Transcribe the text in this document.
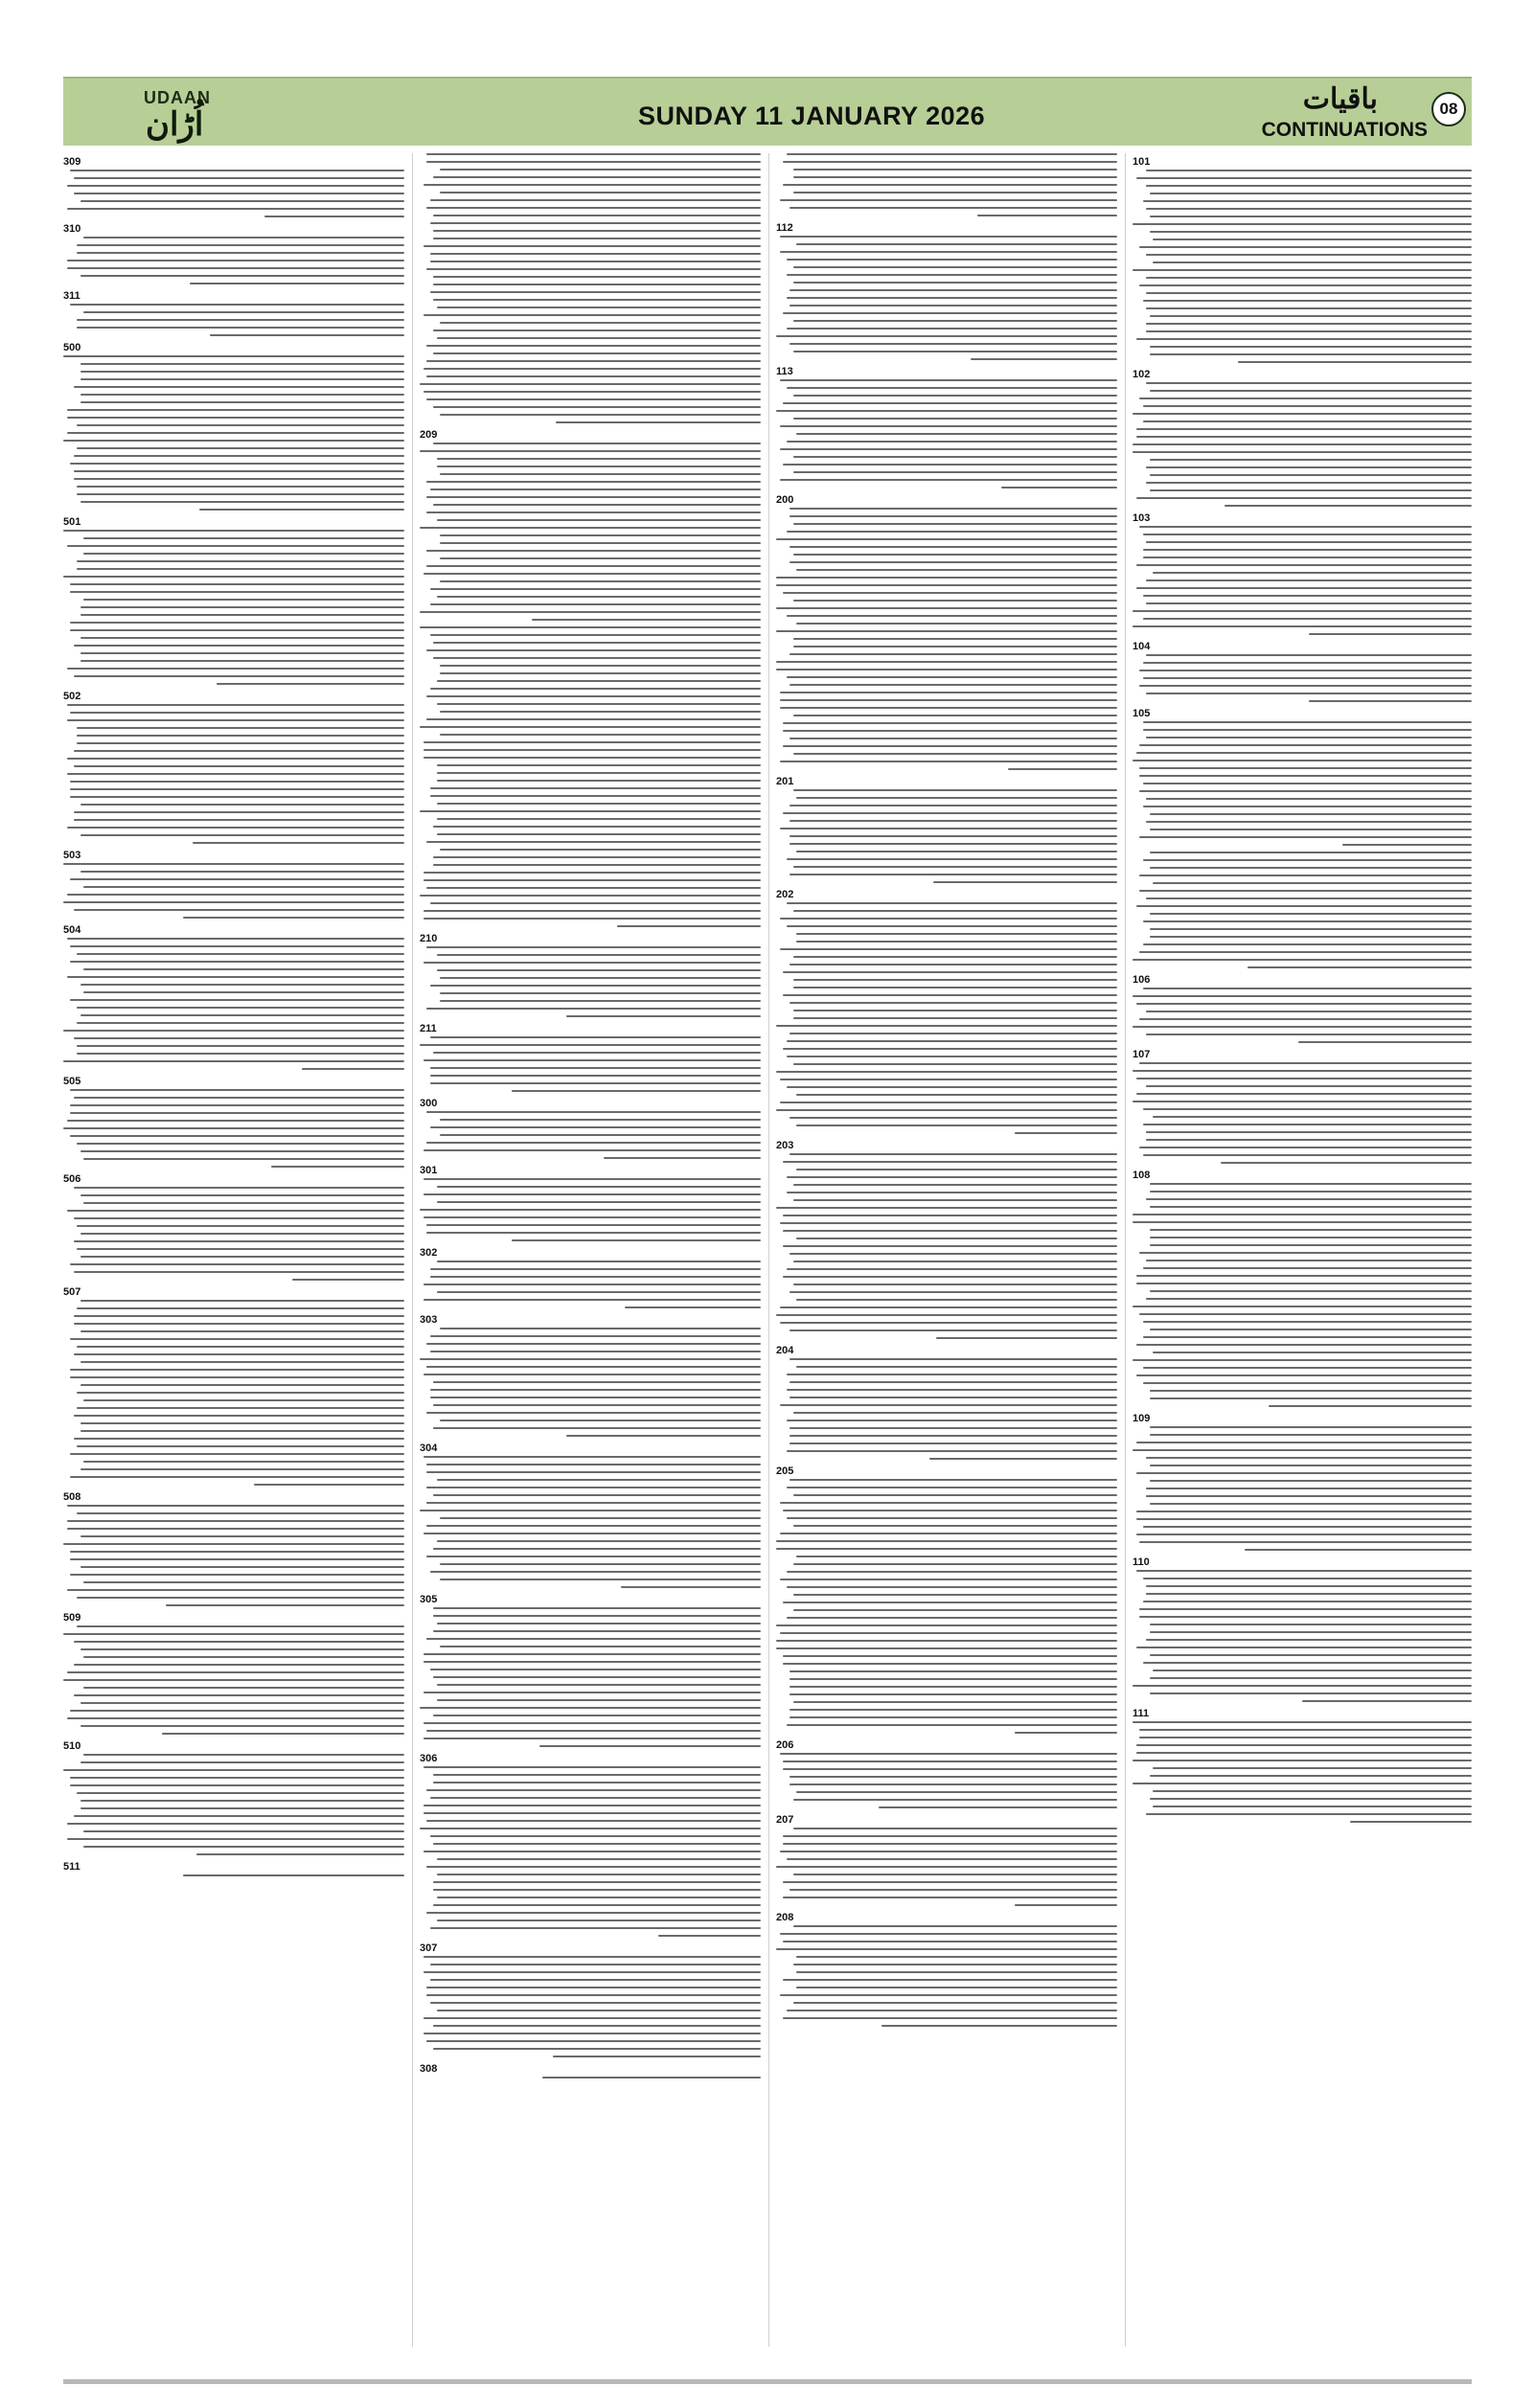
UDAAN
اُڑان	SUNDAY 11 JANUARY 2026	باقیات
CONTINUATIONS
08
309
310
311
500
501
502
503
504
505
506
507
508
509
510
511
209
210
211
300
301
302
303
304
305
306
307
308
112
113
200
201
202
203
204
205
206
207
208
101
102
103
104
105
106
107
108
109
110
111
